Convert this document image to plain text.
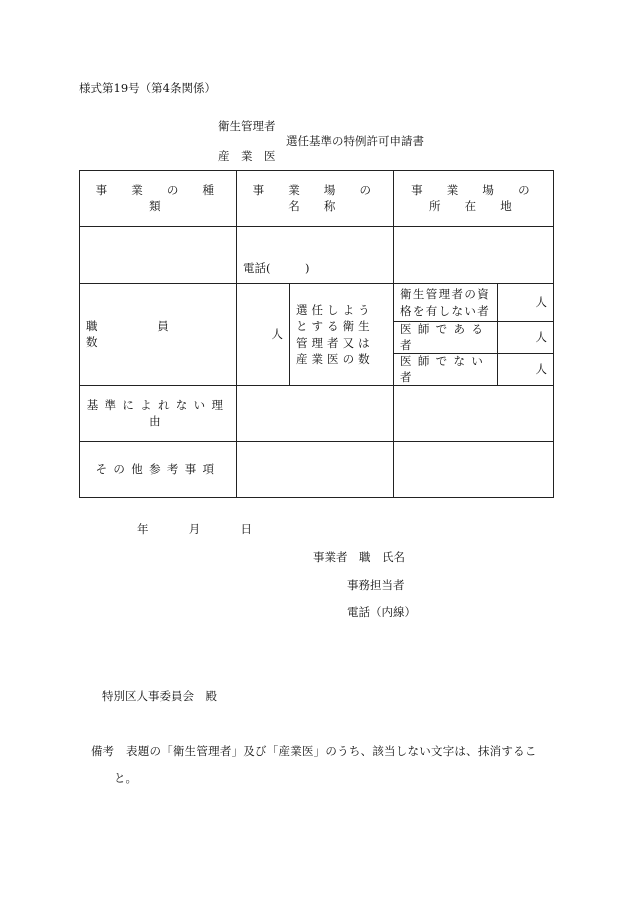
様式第19号（第4条関係）
衛生管理者
選任基準の特例許可申請書
産　業　医
事　業　の　種　類	事　業　場　の　名　称		事　業　場　の　所　在　地	
	電話(　　　)			
職　　　員　　　数	人	選任しようとする衛生管理者又は産業医の数	衛生管理者の資格を有しない者	人
			医師である者	人
			医師でない者	人
基準によれない理由				
その他参考事項				
年　　月　　日
事業者　職　氏名
事務担当者
電話（内線）
特別区人事委員会　殿
備考 表題の「衛生管理者」及び「産業医」のうち、該当しない文字は、抹消するこ
と。
